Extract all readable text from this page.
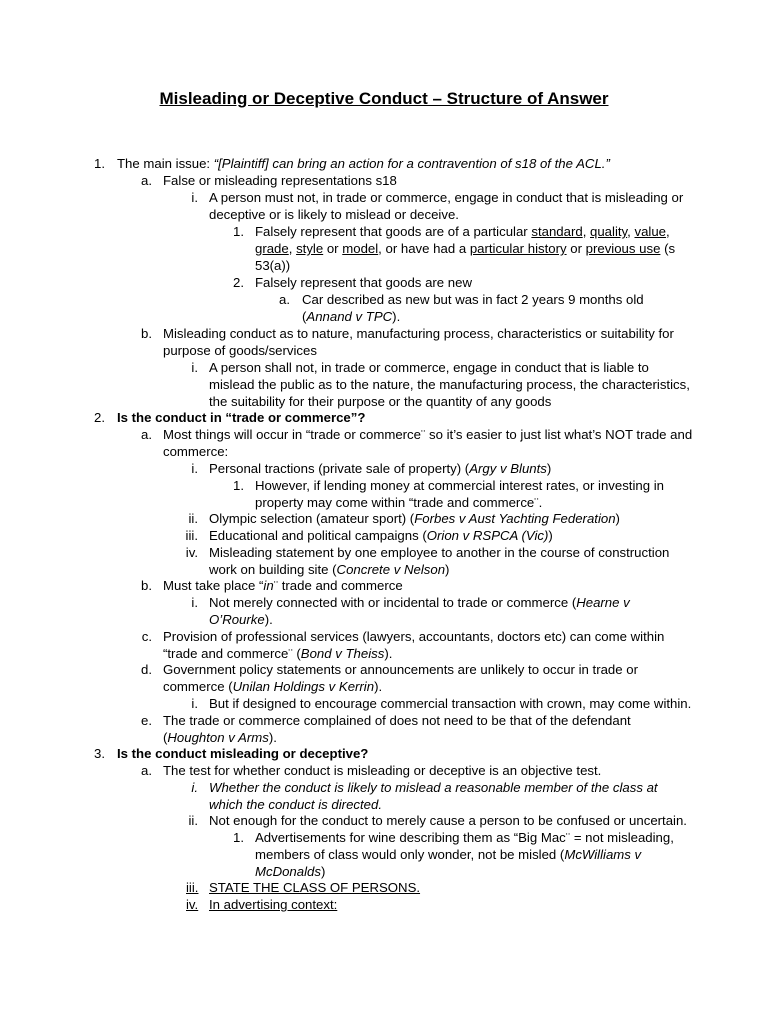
Misleading or Deceptive Conduct – Structure of Answer
1. The main issue: “[Plaintiff] can bring an action for a contravention of s18 of the ACL.”
a. False or misleading representations s18
i. A person must not, in trade or commerce, engage in conduct that is misleading or
deceptive or is likely to mislead or deceive.
1. Falsely represent that goods are of a particular standard, quality, value,
grade, style or model, or have had a particular history or previous use (s
53(a))
2. Falsely represent that goods are new
a. Car described as new but was in fact 2 years 9 months old
(Annand v TPC).
b. Misleading conduct as to nature, manufacturing process, characteristics or suitability for
purpose of goods/services
i. A person shall not, in trade or commerce, engage in conduct that is liable to
mislead the public as to the nature, the manufacturing process, the characteristics,
the suitability for their purpose or the quantity of any goods
2. Is the conduct in “trade or commerce”?
a. Most things will occur in “trade or commerce¨ so it’s easier to just list what’s NOT trade and
commerce:
i. Personal tractions (private sale of property) (Argy v Blunts)
1. However, if lending money at commercial interest rates, or investing in
property may come within “trade and commerce¨.
ii. Olympic selection (amateur sport) (Forbes v Aust Yachting Federation)
iii. Educational and political campaigns (Orion v RSPCA (Vic))
iv. Misleading statement by one employee to another in the course of construction
work on building site (Concrete v Nelson)
b. Must take place “in¨ trade and commerce
i. Not merely connected with or incidental to trade or commerce (Hearne v
O’Rourke).
c. Provision of professional services (lawyers, accountants, doctors etc) can come within
“trade and commerce¨ (Bond v Theiss).
d. Government policy statements or announcements are unlikely to occur in trade or
commerce (Unilan Holdings v Kerrin).
i. But if designed to encourage commercial transaction with crown, may come within.
e. The trade or commerce complained of does not need to be that of the defendant
(Houghton v Arms).
3. Is the conduct misleading or deceptive?
a. The test for whether conduct is misleading or deceptive is an objective test.
i. Whether the conduct is likely to mislead a reasonable member of the class at
which the conduct is directed.
ii. Not enough for the conduct to merely cause a person to be confused or uncertain.
1. Advertisements for wine describing them as “Big Mac¨ = not misleading,
members of class would only wonder, not be misled (McWilliams v
McDonalds)
iii. STATE THE CLASS OF PERSONS.
iv. In advertising context:
